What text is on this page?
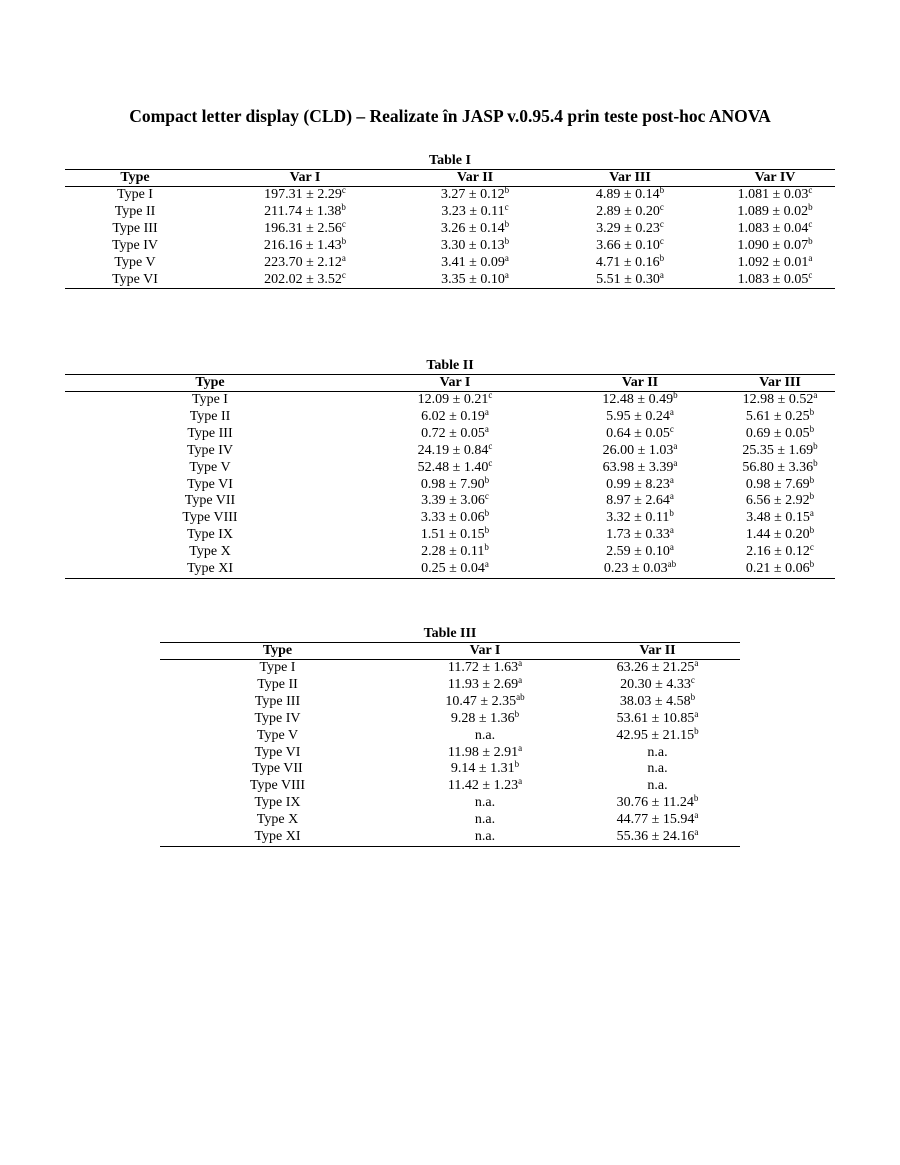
Compact letter display (CLD) – Realizate în JASP v.0.95.4 prin teste post-hoc ANOVA
Table I
Type	Var I	Var II	Var III	Var IV
Type I	197.31 ± 2.29$^c$	3.27 ± 0.12$^b$	4.89 ± 0.14$^b$	1.081 ± 0.03$^c$
Type II	211.74 ± 1.38$^b$	3.23 ± 0.11$^c$	2.89 ± 0.20$^c$	1.089 ± 0.02$^b$
Type III	196.31 ± 2.56$^c$	3.26 ± 0.14$^b$	3.29 ± 0.23$^c$	1.083 ± 0.04$^c$
Type IV	216.16 ± 1.43$^b$	3.30 ± 0.13$^b$	3.66 ± 0.10$^c$	1.090 ± 0.07$^b$
Type V	223.70 ± 2.12$^a$	3.41 ± 0.09$^a$	4.71 ± 0.16$^b$	1.092 ± 0.01$^a$
Type VI	202.02 ± 3.52$^c$	3.35 ± 0.10$^a$	5.51 ± 0.30$^a$	1.083 ± 0.05$^c$
Table II
Type	Var I	Var II	Var III
Type I	12.09 ± 0.21$^c$	12.48 ± 0.49$^b$	12.98 ± 0.52$^a$
Type II	6.02 ± 0.19$^a$	5.95 ± 0.24$^a$	5.61 ± 0.25$^b$
Type III	0.72 ± 0.05$^a$	0.64 ± 0.05$^c$	0.69 ± 0.05$^b$
Type IV	24.19 ± 0.84$^c$	26.00 ± 1.03$^a$	25.35 ± 1.69$^b$
Type V	52.48 ± 1.40$^c$	63.98 ± 3.39$^a$	56.80 ± 3.36$^b$
Type VI	0.98 ± 7.90$^b$	0.99 ± 8.23$^a$	0.98 ± 7.69$^b$
Type VII	3.39 ± 3.06$^c$	8.97 ± 2.64$^a$	6.56 ± 2.92$^b$
Type VIII	3.33 ± 0.06$^b$	3.32 ± 0.11$^b$	3.48 ± 0.15$^a$
Type IX	1.51 ± 0.15$^b$	1.73 ± 0.33$^a$	1.44 ± 0.20$^b$
Type X	2.28 ± 0.11$^b$	2.59 ± 0.10$^a$	2.16 ± 0.12$^c$
Type XI	0.25 ± 0.04$^a$	0.23 ± 0.03$^{ab}$	0.21 ± 0.06$^b$
Table III
Type	Var I	Var II
Type I	11.72 ± 1.63$^a$	63.26 ± 21.25$^a$
Type II	11.93 ± 2.69$^a$	20.30 ± 4.33$^c$
Type III	10.47 ± 2.35$^{ab}$	38.03 ± 4.58$^b$
Type IV	9.28 ± 1.36$^b$	53.61 ± 10.85$^a$
Type V	n.a.	42.95 ± 21.15$^b$
Type VI	11.98 ± 2.91$^a$	n.a.
Type VII	9.14 ± 1.31$^b$	n.a.
Type VIII	11.42 ± 1.23$^a$	n.a.
Type IX	n.a.	30.76 ± 11.24$^b$
Type X	n.a.	44.77 ± 15.94$^a$
Type XI	n.a.	55.36 ± 24.16$^a$
